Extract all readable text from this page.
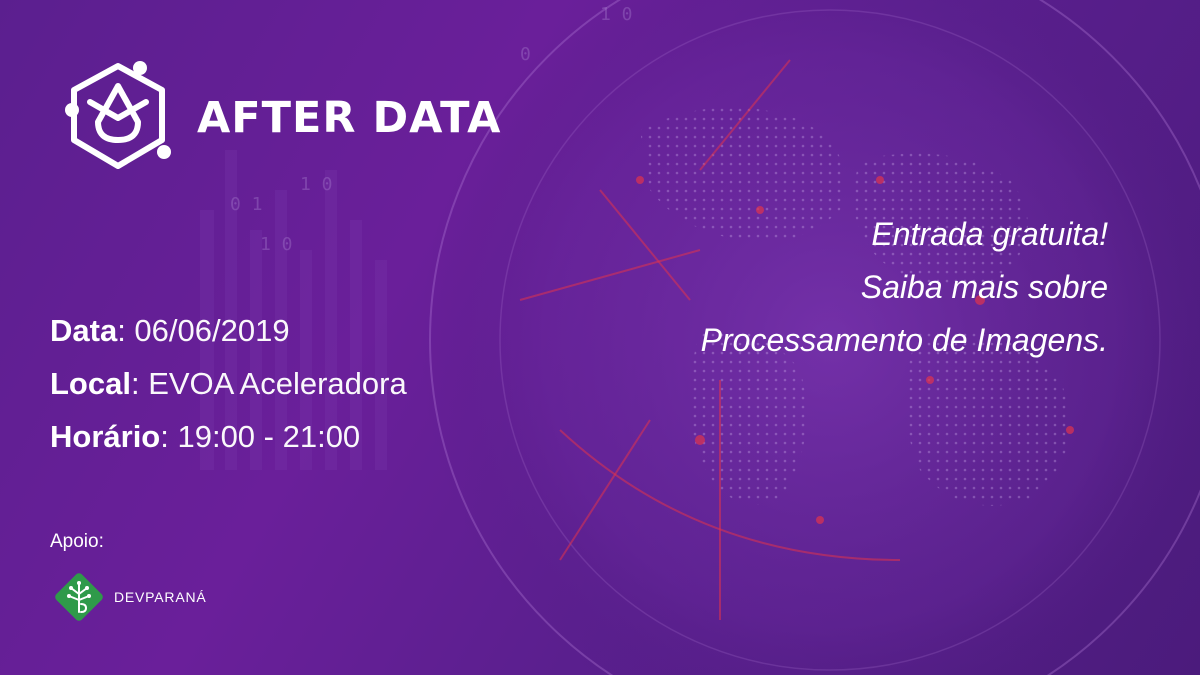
0 1
1 0
1 0
0
1 0
AFTER DATA
Data: 06/06/2019
Local: EVOA Aceleradora
Horário: 19:00 - 21:00
Entrada gratuita!
Saiba mais sobre
Processamento de Imagens.
Apoio:
DEVPARANÁ
